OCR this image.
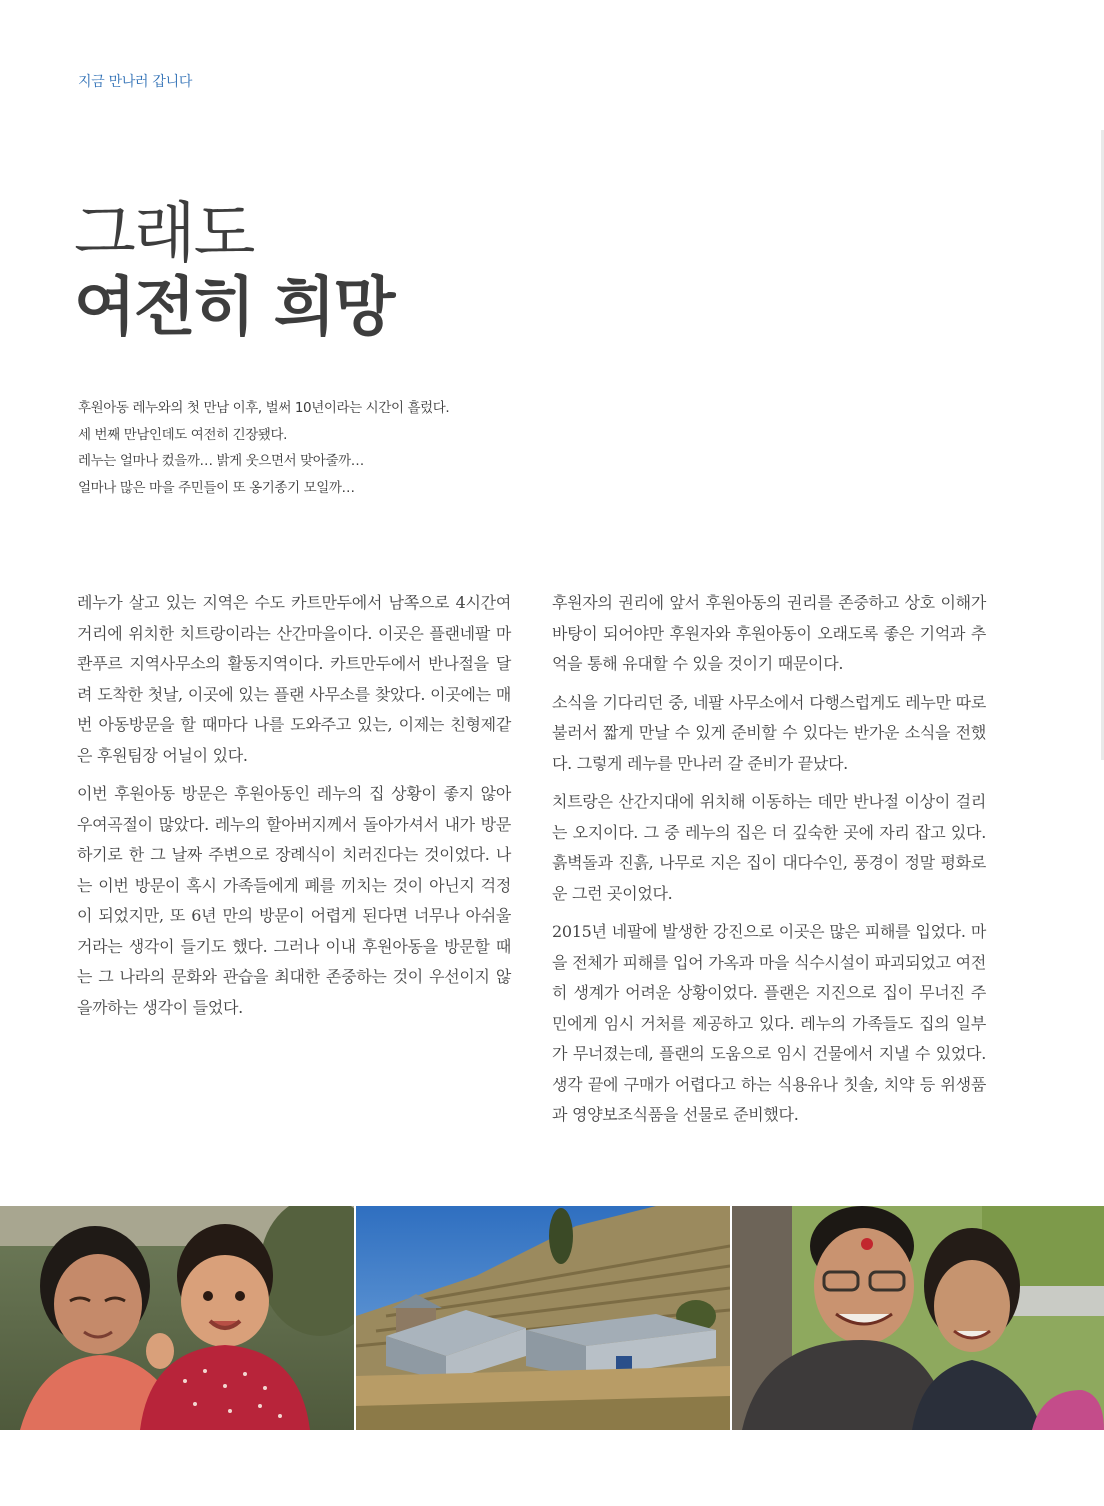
지금 만나러 갑니다
그래도
여전히 희망

후원아동 레누와의 첫 만남 이후, 벌써 10년이라는 시간이 흘렀다.

세 번째 만남인데도 여전히 긴장됐다.

레누는 얼마나 컸을까… 밝게 웃으면서 맞아줄까…

얼마나 많은 마을 주민들이 또 옹기종기 모일까…

레누가 살고 있는 지역은 수도 카트만두에서 남쪽으로 4시간여 거리에 위치한 치트랑이라는 산간마을이다. 이곳은 플랜네팔 마콴푸르 지역사무소의 활동지역이다. 카트만두에서 반나절을 달려 도착한 첫날, 이곳에 있는 플랜 사무소를 찾았다. 이곳에는 매 번 아동방문을 할 때마다 나를 도와주고 있는, 이제는 친형제같은 후원팀장 어닐이 있다.

이번 후원아동 방문은 후원아동인 레누의 집 상황이 좋지 않아 우여곡절이 많았다. 레누의 할아버지께서 돌아가셔서 내가 방문하기로 한 그 날짜 주변으로 장례식이 치러진다는 것이었다. 나는 이번 방문이 혹시 가족들에게 폐를 끼치는 것이 아닌지 걱정이 되었지만, 또 6년 만의 방문이 어렵게 된다면 너무나 아쉬울 거라는 생각이 들기도 했다. 그러나 이내 후원아동을 방문할 때는 그 나라의 문화와 관습을 최대한 존중하는 것이 우선이지 않을까하는 생각이 들었다.

후원자의 권리에 앞서 후원아동의 권리를 존중하고 상호 이해가 바탕이 되어야만 후원자와 후원아동이 오래도록 좋은 기억과 추억을 통해 유대할 수 있을 것이기 때문이다.

소식을 기다리던 중, 네팔 사무소에서 다행스럽게도 레누만 따로 불러서 짧게 만날 수 있게 준비할 수 있다는 반가운 소식을 전했다. 그렇게 레누를 만나러 갈 준비가 끝났다.

치트랑은 산간지대에 위치해 이동하는 데만 반나절 이상이 걸리는 오지이다. 그 중 레누의 집은 더 깊숙한 곳에 자리 잡고 있다. 흙벽돌과 진흙, 나무로 지은 집이 대다수인, 풍경이 정말 평화로운 그런 곳이었다.

2015년 네팔에 발생한 강진으로 이곳은 많은 피해를 입었다. 마을 전체가 피해를 입어 가옥과 마을 식수시설이 파괴되었고 여전히 생계가 어려운 상황이었다. 플랜은 지진으로 집이 무너진 주민에게 임시 거처를 제공하고 있다. 레누의 가족들도 집의 일부가 무너졌는데, 플랜의 도움으로 임시 건물에서 지낼 수 있었다. 생각 끝에 구매가 어렵다고 하는 식용유나 칫솔, 치약 등 위생품과 영양보조식품을 선물로 준비했다.
